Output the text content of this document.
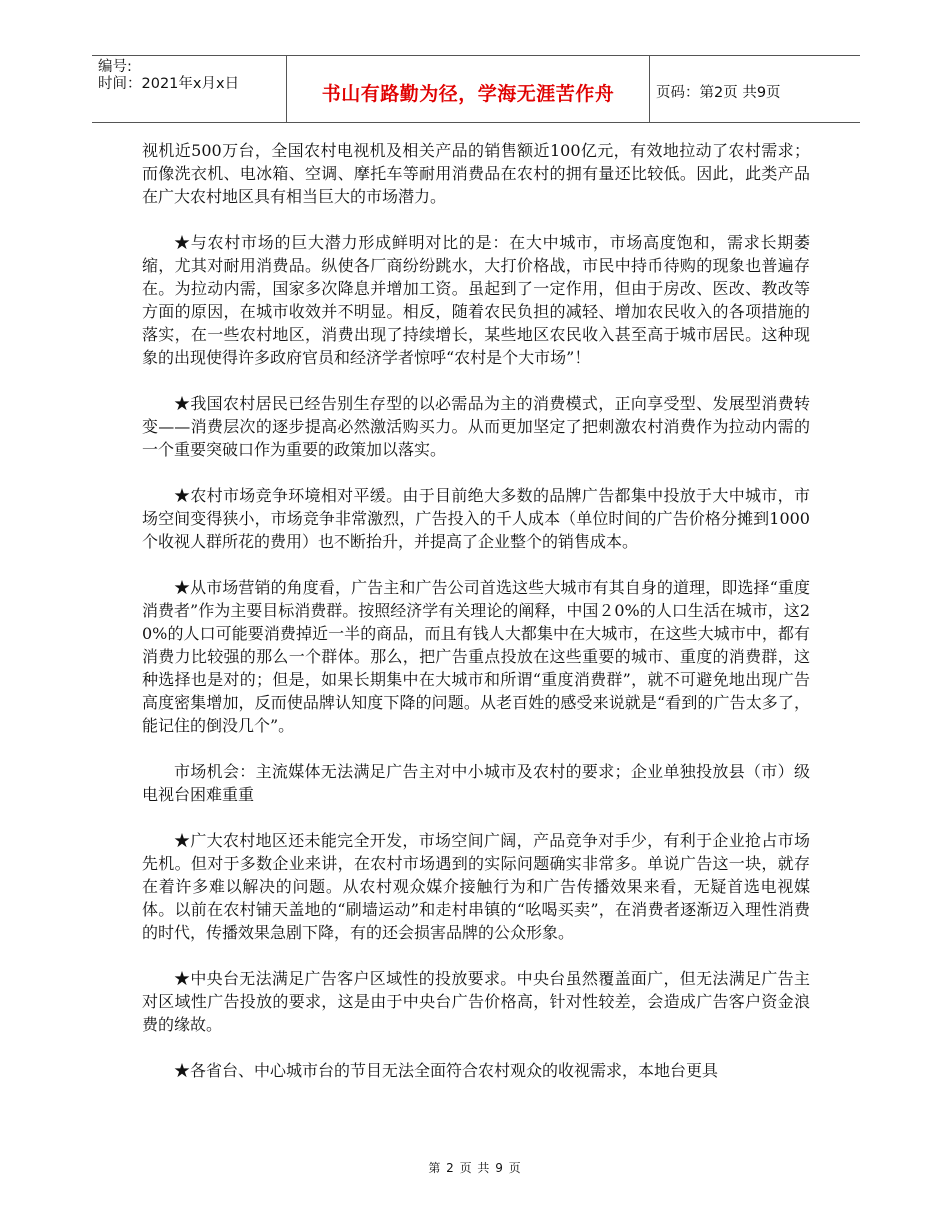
编号:
时间：2021年x月x日	书山有路勤为径，学海无涯苦作舟	页码：第2页 共9页

视机近500万台，全国农村电视机及相关产品的销售额近100亿元，有效地拉动了农村需求；而像洗衣机、电冰箱、空调、摩托车等耐用消费品在农村的拥有量还比较低。因此，此类产品在广大农村地区具有相当巨大的市场潜力。

★与农村市场的巨大潜力形成鲜明对比的是：在大中城市，市场高度饱和，需求长期萎缩，尤其对耐用消费品。纵使各厂商纷纷跳水，大打价格战，市民中持币待购的现象也普遍存在。为拉动内需，国家多次降息并增加工资。虽起到了一定作用，但由于房改、医改、教改等方面的原因，在城市收效并不明显。相反，随着农民负担的减轻、增加农民收入的各项措施的落实，在一些农村地区，消费出现了持续增长，某些地区农民收入甚至高于城市居民。这种现象的出现使得许多政府官员和经济学者惊呼“农村是个大市场”！

★我国农村居民已经告别生存型的以必需品为主的消费模式，正向享受型、发展型消费转变——消费层次的逐步提高必然激活购买力。从而更加坚定了把刺激农村消费作为拉动内需的一个重要突破口作为重要的政策加以落实。

★农村市场竞争环境相对平缓。由于目前绝大多数的品牌广告都集中投放于大中城市，市场空间变得狭小，市场竞争非常激烈，广告投入的千人成本（单位时间的广告价格分摊到1000个收视人群所花的费用）也不断抬升，并提高了企业整个的销售成本。

★从市场营销的角度看，广告主和广告公司首选这些大城市有其自身的道理，即选择“重度消费者”作为主要目标消费群。按照经济学有关理论的阐释，中国２0%的人口生活在城市，这20%的人口可能要消费掉近一半的商品，而且有钱人大都集中在大城市，在这些大城市中，都有消费力比较强的那么一个群体。那么，把广告重点投放在这些重要的城市、重度的消费群，这种选择也是对的；但是，如果长期集中在大城市和所谓“重度消费群”，就不可避免地出现广告高度密集增加，反而使品牌认知度下降的问题。从老百姓的感受来说就是“看到的广告太多了，能记住的倒没几个”。

市场机会：主流媒体无法满足广告主对中小城市及农村的要求；企业单独投放县（市）级电视台困难重重

★广大农村地区还未能完全开发，市场空间广阔，产品竞争对手少，有利于企业抢占市场先机。但对于多数企业来讲，在农村市场遇到的实际问题确实非常多。单说广告这一块，就存在着许多难以解决的问题。从农村观众媒介接触行为和广告传播效果来看，无疑首选电视媒体。以前在农村铺天盖地的“刷墙运动”和走村串镇的“吆喝买卖”，在消费者逐渐迈入理性消费的时代，传播效果急剧下降，有的还会损害品牌的公众形象。

★中央台无法满足广告客户区域性的投放要求。中央台虽然覆盖面广，但无法满足广告主对区域性广告投放的要求，这是由于中央台广告价格高，针对性较差，会造成广告客户资金浪费的缘故。

★各省台、中心城市台的节目无法全面符合农村观众的收视需求，本地台更具

第 2 页 共 9 页
